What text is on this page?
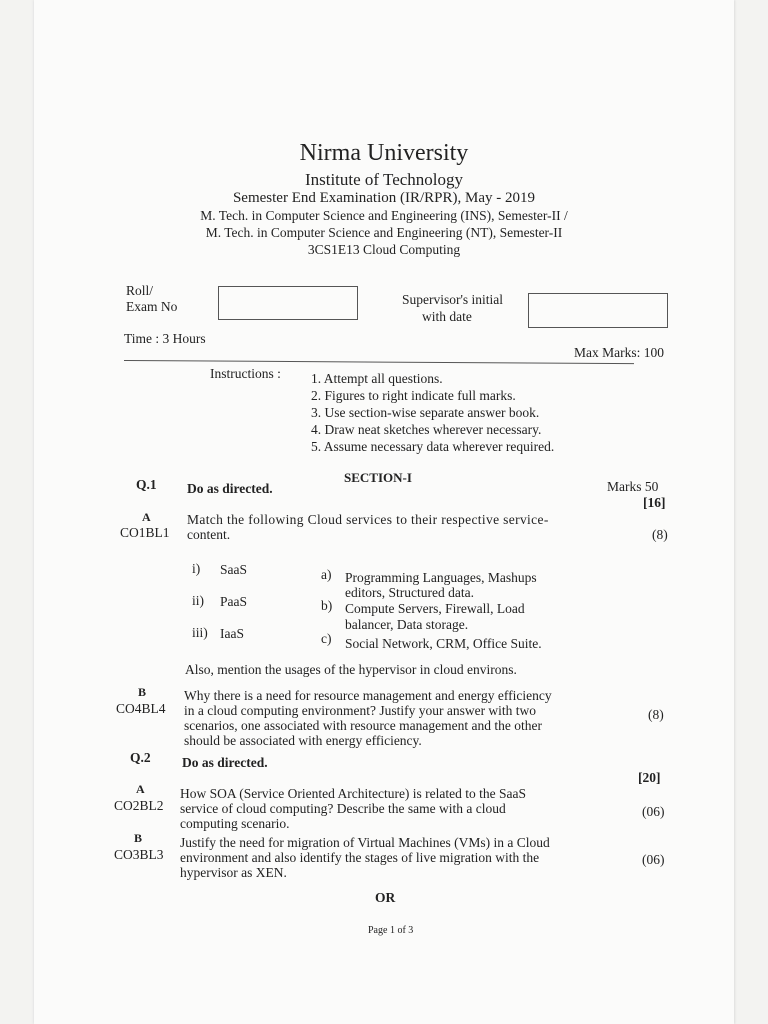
Nirma University
Institute of Technology
Semester End Examination (IR/RPR), May - 2019
M. Tech. in Computer Science and Engineering (INS), Semester-II /
M. Tech. in Computer Science and Engineering (NT), Semester-II
3CS1E13 Cloud Computing
Roll/
Exam No	Supervisor's initial
with date
Time : 3 Hours
Max Marks: 100
Instructions : 1. Attempt all questions.
2. Figures to right indicate full marks.
3. Use section-wise separate answer book.
4. Draw neat sketches wherever necessary.
5. Assume necessary data wherever required.
SECTION-I
Marks 50
Q.1 Do as directed.
[16]
A
CO1BL1
Match the following Cloud services to their respective service-
content.	(8)
i) SaaS
ii) PaaS
iii) IaaS
a) Programming Languages, Mashups
editors, Structured data.
b) Compute Servers, Firewall, Load
balancer, Data storage.
c) Social Network, CRM, Office Suite.
Also, mention the usages of the hypervisor in cloud environs.
B
CO4BL4
Why there is a need for resource management and energy efficiency
in a cloud computing environment? Justify your answer with two
scenarios, one associated with resource management and the other
should be associated with energy efficiency.
(8)
Q.2 Do as directed.
[20]
A
CO2BL2
How SOA (Service Oriented Architecture) is related to the SaaS
service of cloud computing? Describe the same with a cloud
computing scenario.
(06)
B
CO3BL3
Justify the need for migration of Virtual Machines (VMs) in a Cloud
environment and also identify the stages of live migration with the
hypervisor as XEN.
(06)
OR
Page 1 of 3
